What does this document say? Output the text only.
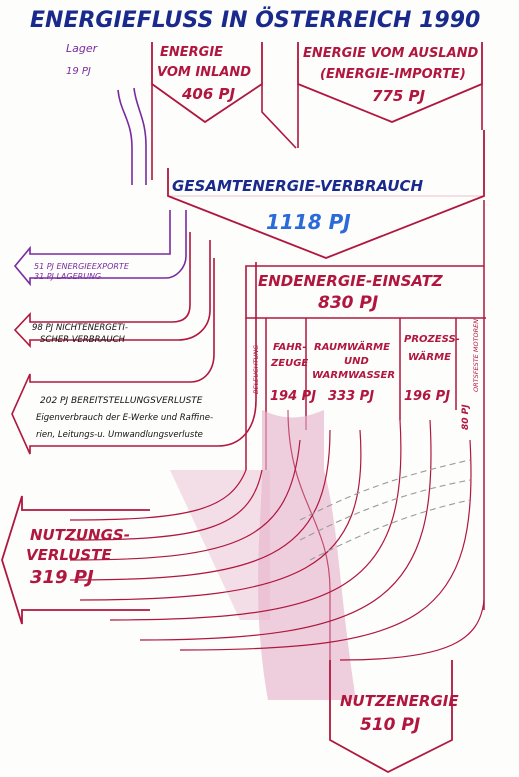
ENERGIEFLUSS IN ÖSTERREICH 1990
Lager
19 PJ
ENERGIE
VOM INLAND
406 PJ
ENERGIE VOM AUSLAND
(ENERGIE-IMPORTE)
775 PJ
GESAMTENERGIE-VERBRAUCH
1118 PJ
51 PJ ENERGIEEXPORTE
31 PJ LAGERUNG
98 PJ NICHTENERGETI-
SCHER VERBRAUCH
202 PJ BEREITSTELLUNGSVERLUSTE
Eigenverbrauch der E-Werke und Raffine-
rien, Leitungs-u. Umwandlungsverluste
ENDENERGIE-EINSATZ
830 PJ
BELEUCHTUNG FAHR-
ZEUGE
194 PJ
RAUMWÄRME
UND
WARMWASSER
333 PJ
PROZESS-
WÄRME
196 PJ
80 PJ
ORTSFESTE MOTOREN
NUTZUNGS-
VERLUSTE
319 PJ
NUTZENERGIE
510 PJ
